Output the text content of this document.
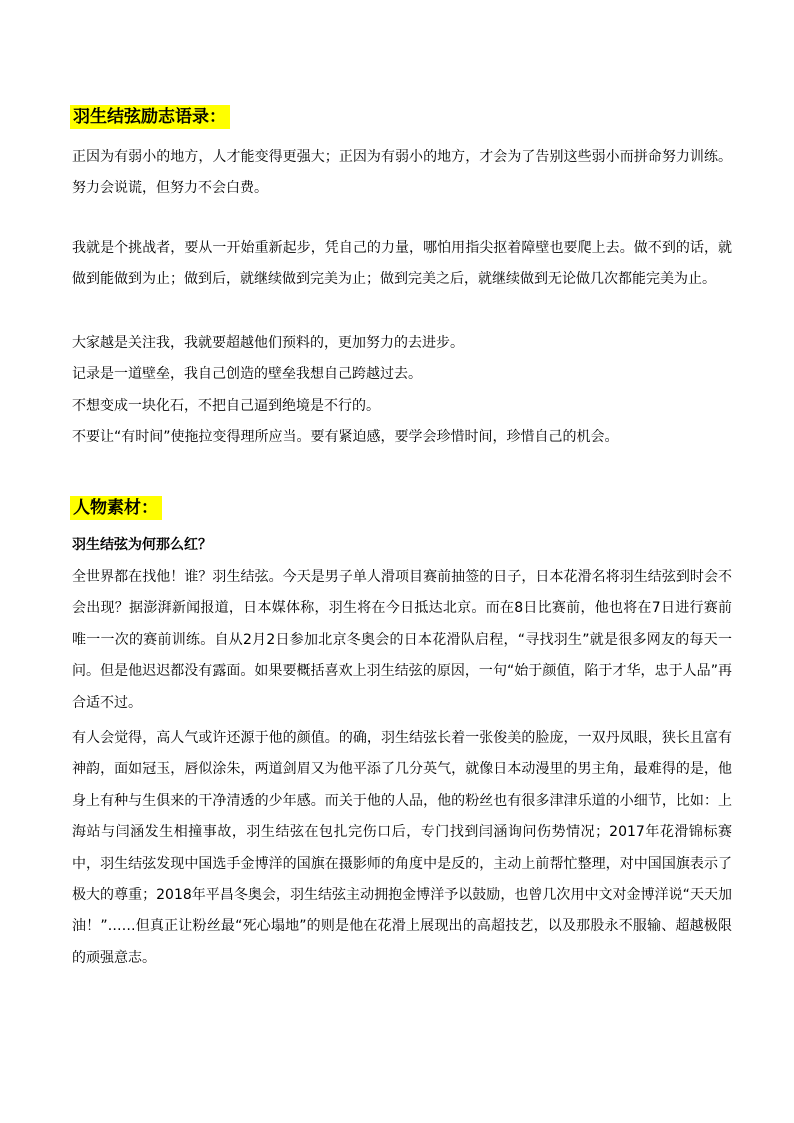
羽生结弦励志语录：

正因为有弱小的地方，人才能变得更强大；正因为有弱小的地方，才会为了告别这些弱小而拼命努力训练。努力会说谎，但努力不会白费。

我就是个挑战者，要从一开始重新起步，凭自己的力量，哪怕用指尖抠着障壁也要爬上去。做不到的话，就做到能做到为止；做到后，就继续做到完美为止；做到完美之后，就继续做到无论做几次都能完美为止。

大家越是关注我，我就要超越他们预料的，更加努力的去进步。
记录是一道壁垒，我自己创造的壁垒我想自己跨越过去。
不想变成一块化石，不把自己逼到绝境是不行的。
不要让“有时间”使拖拉变得理所应当。要有紧迫感，要学会珍惜时间，珍惜自己的机会。
人物素材：

羽生结弦为何那么红？

全世界都在找他！谁？羽生结弦。今天是男子单人滑项目赛前抽签的日子，日本花滑名将羽生结弦到时会不会出现？据澎湃新闻报道，日本媒体称，羽生将在今日抵达北京。而在8日比赛前，他也将在7日进行赛前唯一一次的赛前训练。自从2月2日参加北京冬奥会的日本花滑队启程，“寻找羽生”就是很多网友的每天一问。但是他迟迟都没有露面。如果要概括喜欢上羽生结弦的原因，一句“始于颜值，陷于才华，忠于人品”再合适不过。

有人会觉得，高人气或许还源于他的颜值。的确，羽生结弦长着一张俊美的脸庞，一双丹凤眼，狭长且富有神韵，面如冠玉，唇似涂朱，两道剑眉又为他平添了几分英气，就像日本动漫里的男主角，最难得的是，他身上有种与生俱来的干净清透的少年感。而关于他的人品，他的粉丝也有很多津津乐道的小细节，比如：上海站与闫涵发生相撞事故，羽生结弦在包扎完伤口后，专门找到闫涵询问伤势情况；2017年花滑锦标赛中，羽生结弦发现中国选手金博洋的国旗在摄影师的角度中是反的，主动上前帮忙整理，对中国国旗表示了极大的尊重；2018年平昌冬奥会，羽生结弦主动拥抱金博洋予以鼓励，也曾几次用中文对金博洋说“天天加油！”……但真正让粉丝最“死心塌地”的则是他在花滑上展现出的高超技艺，以及那股永不服输、超越极限的顽强意志。
